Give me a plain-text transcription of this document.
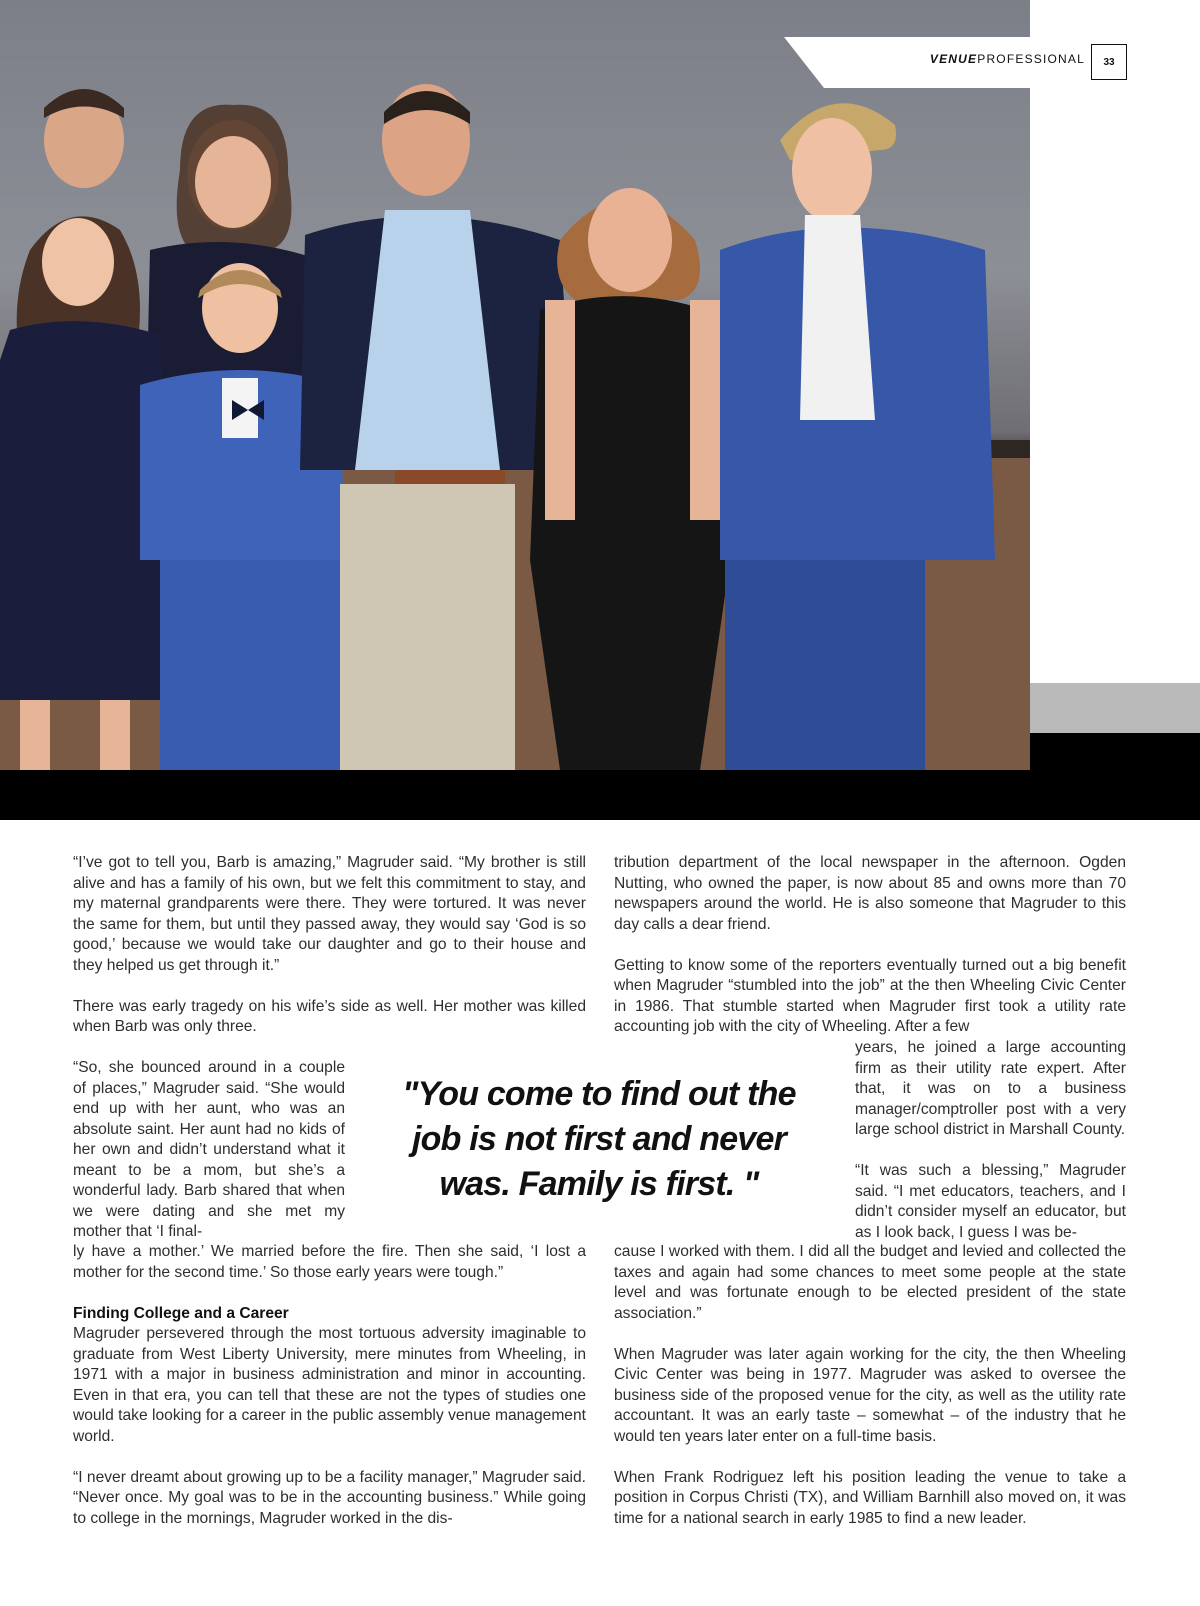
VENUEPROFESSIONAL	33

“I’ve got to tell you, Barb is amazing,” Magruder said. “My brother is still alive and has a family of his own, but we felt this commitment to stay, and my maternal grandparents were there. They were tortured. It was never the same for them, but until they passed away, they would say ‘God is so good,’ because we would take our daughter and go to their house and they helped us get through it.”

There was early tragedy on his wife’s side as well. Her mother was killed when Barb was only three.

“So, she bounced around in a couple of places,” Magruder said. “She would end up with her aunt, who was an absolute saint. Her aunt had no kids of her own and didn’t understand what it meant to be a mom, but she’s a wonderful lady. Barb shared that when we were dating and she met my mother that ‘I final-

ly have a mother.’ We married before the fire. Then she said, ‘I lost a mother for the second time.’ So those early years were tough.”

Finding College and a Career

Magruder persevered through the most tortuous adversity imaginable to graduate from West Liberty University, mere minutes from Wheeling, in 1971 with a major in business administration and minor in accounting. Even in that era, you can tell that these are not the types of studies one would take looking for a career in the public assembly venue management world.

“I never dreamt about growing up to be a facility manager,” Magruder said. “Never once. My goal was to be in the accounting business.” While going to college in the mornings, Magruder worked in the dis-

"You come to find out the job is not first and never was. Family is first. "

tribution department of the local newspaper in the afternoon. Ogden Nutting, who owned the paper, is now about 85 and owns more than 70 newspapers around the world. He is also someone that Magruder to this day calls a dear friend.

Getting to know some of the reporters eventually turned out a big benefit when Magruder “stumbled into the job” at the then Wheeling Civic Center in 1986. That stumble started when Magruder first took a utility rate accounting job with the city of Wheeling. After a few

years, he joined a large accounting firm as their utility rate expert. After that, it was on to a business manager/comptroller post with a very large school district in Marshall County.

“It was such a blessing,” Magruder said. “I met educators, teachers, and I didn’t consider myself an educator, but as I look back, I guess I was be-

cause I worked with them. I did all the budget and levied and collected the taxes and again had some chances to meet some people at the state level and was fortunate enough to be elected president of the state association.”

When Magruder was later again working for the city, the then Wheeling Civic Center was being in 1977. Magruder was asked to oversee the business side of the proposed venue for the city, as well as the utility rate accountant. It was an early taste – somewhat – of the industry that he would ten years later enter on a full-time basis.

When Frank Rodriguez left his position leading the venue to take a position in Corpus Christi (TX), and William Barnhill also moved on, it was time for a national search in early 1985 to find a new leader.
